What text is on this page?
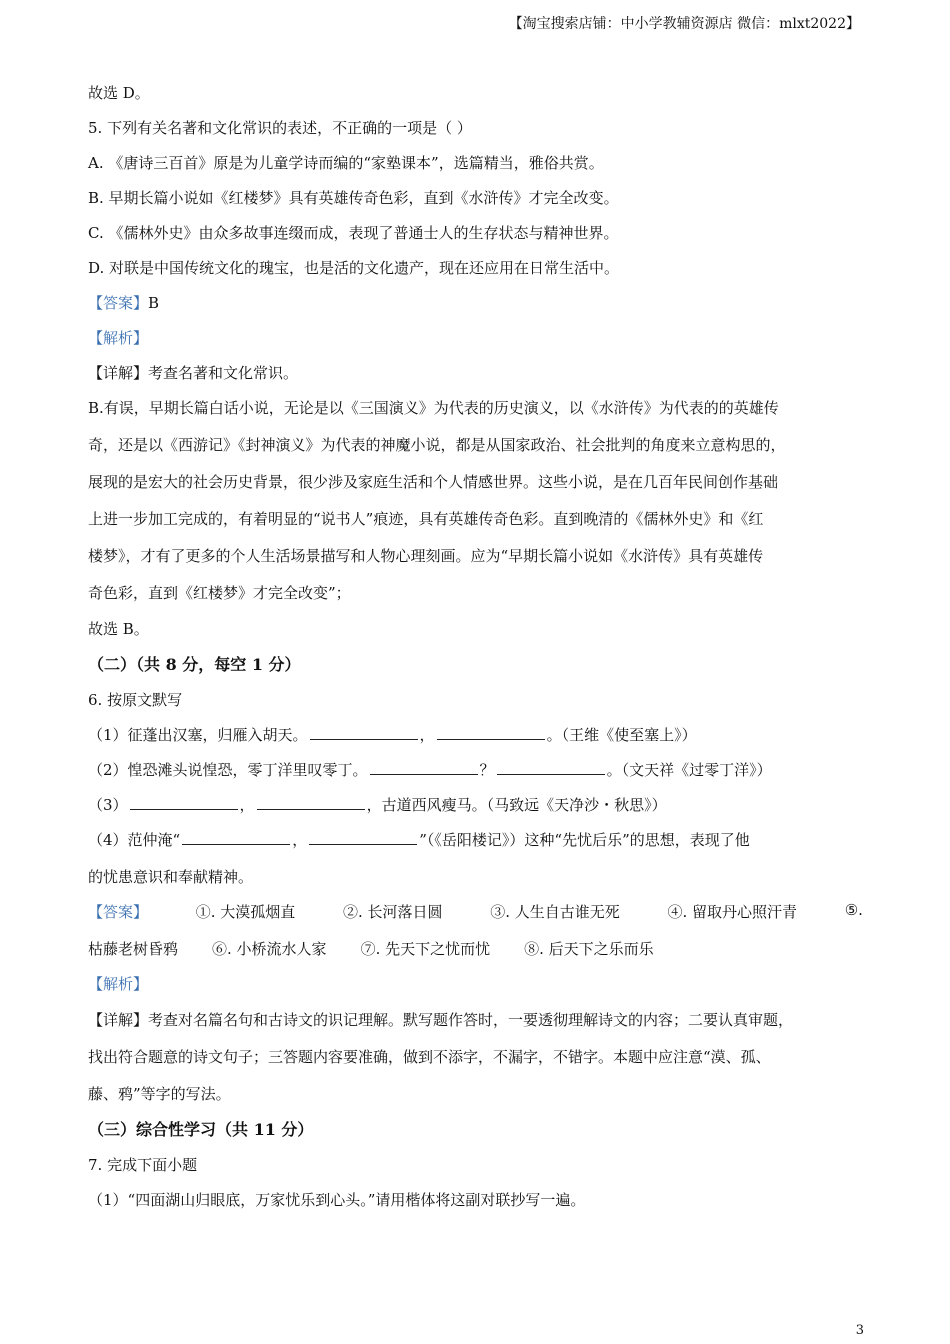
【淘宝搜索店铺：中小学教辅资源店 微信：mlxt2022】
故选 D。
5. 下列有关名著和文化常识的表述，不正确的一项是（ ）
A. 《唐诗三百首》原是为儿童学诗而编的“家塾课本”，选篇精当，雅俗共赏。
B. 早期长篇小说如《红楼梦》具有英雄传奇色彩，直到《水浒传》才完全改变。
C. 《儒林外史》由众多故事连缀而成，表现了普通士人的生存状态与精神世界。
D. 对联是中国传统文化的瑰宝，也是活的文化遗产，现在还应用在日常生活中。
【答案】B
【解析】
【详解】考查名著和文化常识。
B.有误，早期长篇白话小说，无论是以《三国演义》为代表的历史演义，以《水浒传》为代表的的英雄传
奇，还是以《西游记》《封神演义》为代表的神魔小说，都是从国家政治、社会批判的角度来立意构思的，
展现的是宏大的社会历史背景，很少涉及家庭生活和个人情感世界。这些小说，是在几百年民间创作基础
上进一步加工完成的，有着明显的“说书人”痕迹，具有英雄传奇色彩。直到晚清的《儒林外史》和《红
楼梦》，才有了更多的个人生活场景描写和人物心理刻画。应为“早期长篇小说如《水浒传》具有英雄传
奇色彩，直到《红楼梦》才完全改变”；
故选 B。
（二）（共 8 分，每空 1 分）
6. 按原文默写
（1）征蓬出汉塞，归雁入胡天。	，	。（王维《使至塞上》）
（2）惶恐滩头说惶恐，零丁洋里叹零丁。	？	。（文天祥《过零丁洋》）
（3）	，	，古道西风瘦马。（马致远《天净沙・秋思》）
（4）范仲淹“	，	”（《岳阳楼记》）这种“先忧后乐”的思想，表现了他
的忧患意识和奉献精神。
【答案】	①. 大漠孤烟直	②. 长河落日圆	③. 人生自古谁无死	④. 留取丹心照汗青	⑤.
枯藤老树昏鸦 ⑥. 小桥流水人家 ⑦. 先天下之忧而忧 ⑧. 后天下之乐而乐
【解析】
【详解】考查对名篇名句和古诗文的识记理解。默写题作答时，一要透彻理解诗文的内容；二要认真审题，
找出符合题意的诗文句子；三答题内容要准确，做到不添字，不漏字，不错字。本题中应注意“漠、孤、
藤、鸦”等字的写法。
（三）综合性学习（共 11 分）
7. 完成下面小题
（1）“四面湖山归眼底，万家忧乐到心头。”请用楷体将这副对联抄写一遍。
3
